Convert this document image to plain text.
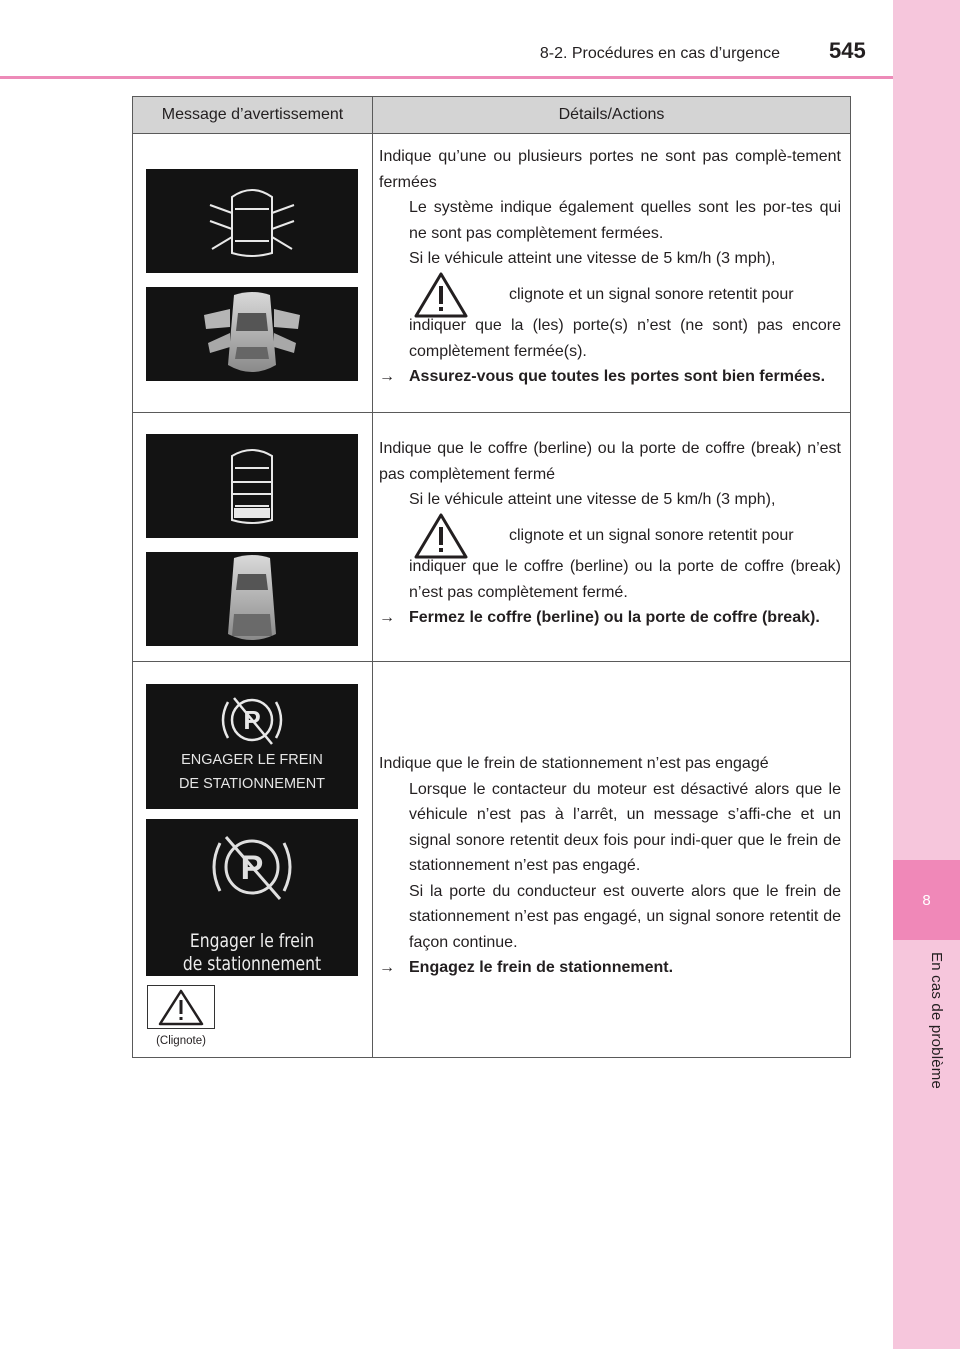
8-2. Procédures en cas d’urgence 545
8
En cas de problème
Message d’avertissement	Détails/Actions

Indique qu’une ou plusieurs portes ne sont pas complè-tement fermées

Le système indique également quelles sont les por-tes qui ne sont pas complètement fermées.

Si le véhicule atteint une vitesse de 5 km/h (3 mph),

clignote et un signal sonore retentit pour

indiquer que la (les) porte(s) n’est (ne sont) pas encore complètement fermée(s).

→ Assurez-vous que toutes les portes sont bien fermées.

Indique que le coffre (berline) ou la porte de coffre (break) n’est pas complètement fermé

Si le véhicule atteint une vitesse de 5 km/h (3 mph),

clignote et un signal sonore retentit pour

indiquer que le coffre (berline) ou la porte de coffre (break) n’est pas complètement fermé.

→ Fermez le coffre (berline) ou la porte de coffre (break).

P
ENGAGER LE FREIN
DE STATIONNEMENT
P
Engager le frein
de stationnement
(Clignote)

Indique que le frein de stationnement n’est pas engagé

Lorsque le contacteur du moteur est désactivé alors que le véhicule n’est pas à l’arrêt, un message s’affi-che et un signal sonore retentit deux fois pour indi-quer que le frein de stationnement n’est pas engagé.

Si la porte du conducteur est ouverte alors que le frein de stationnement n’est pas engagé, un signal sonore retentit de façon continue.

→ Engagez le frein de stationnement.
